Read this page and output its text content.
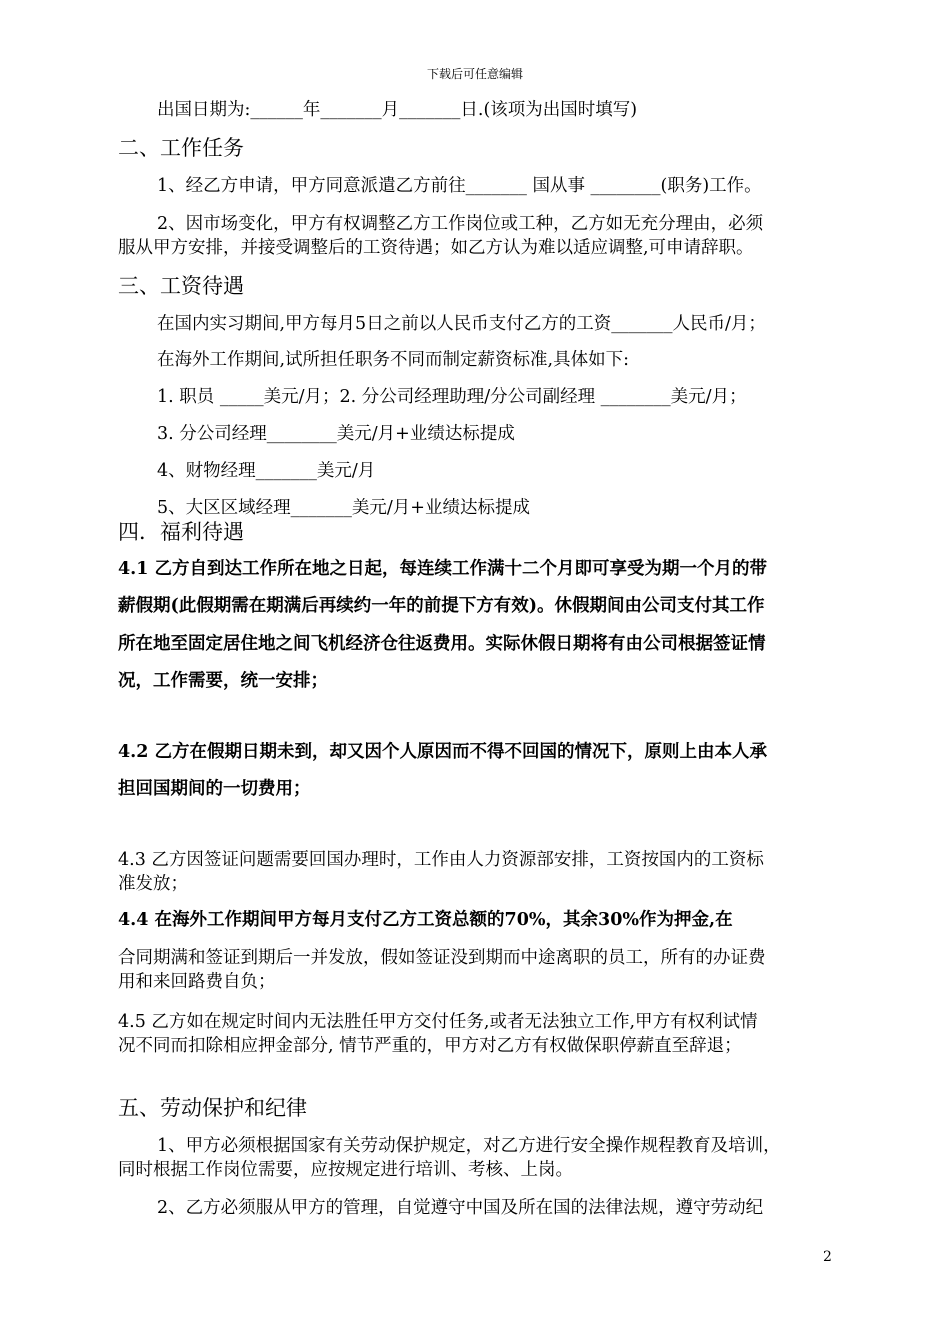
下载后可任意编辑
出国日期为:______年_______月_______日.(该项为出国时填写)
二、工作任务
1、经乙方申请，甲方同意派遣乙方前往_______ 国从事 ________(职务)工作。
2、因市场变化，甲方有权调整乙方工作岗位或工种，乙方如无充分理由，必须
服从甲方安排，并接受调整后的工资待遇；如乙方认为难以适应调整,可申请辞职。
三、工资待遇
在国内实习期间,甲方每月5日之前以人民币支付乙方的工资_______人民币/月；
在海外工作期间,试所担任职务不同而制定薪资标准,具体如下:
1. 职员 _____美元/月；2. 分公司经理助理/分公司副经理 ________美元/月；
3. 分公司经理________美元/月+业绩达标提成
4、财物经理_______美元/月
5、大区区域经理_______美元/月+业绩达标提成
四．福利待遇
4.1 乙方自到达工作所在地之日起，每连续工作满十二个月即可享受为期一个月的带
薪假期(此假期需在期满后再续约一年的前提下方有效)。休假期间由公司支付其工作
所在地至固定居住地之间飞机经济仓往返费用。实际休假日期将有由公司根据签证情
况，工作需要，统一安排；
4.2 乙方在假期日期未到，却又因个人原因而不得不回国的情况下，原则上由本人承
担回国期间的一切费用；
4.3 乙方因签证问题需要回国办理时，工作由人力资源部安排，工资按国内的工资标
准发放；
4.4 在海外工作期间甲方每月支付乙方工资总额的70%，其余30%作为押金,在
合同期满和签证到期后一并发放，假如签证没到期而中途离职的员工，所有的办证费
用和来回路费自负；
4.5 乙方如在规定时间内无法胜任甲方交付任务,或者无法独立工作,甲方有权利试情
况不同而扣除相应押金部分, 情节严重的，甲方对乙方有权做保职停薪直至辞退；
五、劳动保护和纪律
1、甲方必须根据国家有关劳动保护规定，对乙方进行安全操作规程教育及培训，
同时根据工作岗位需要，应按规定进行培训、考核、上岗。
2、乙方必须服从甲方的管理，自觉遵守中国及所在国的法律法规，遵守劳动纪
2
